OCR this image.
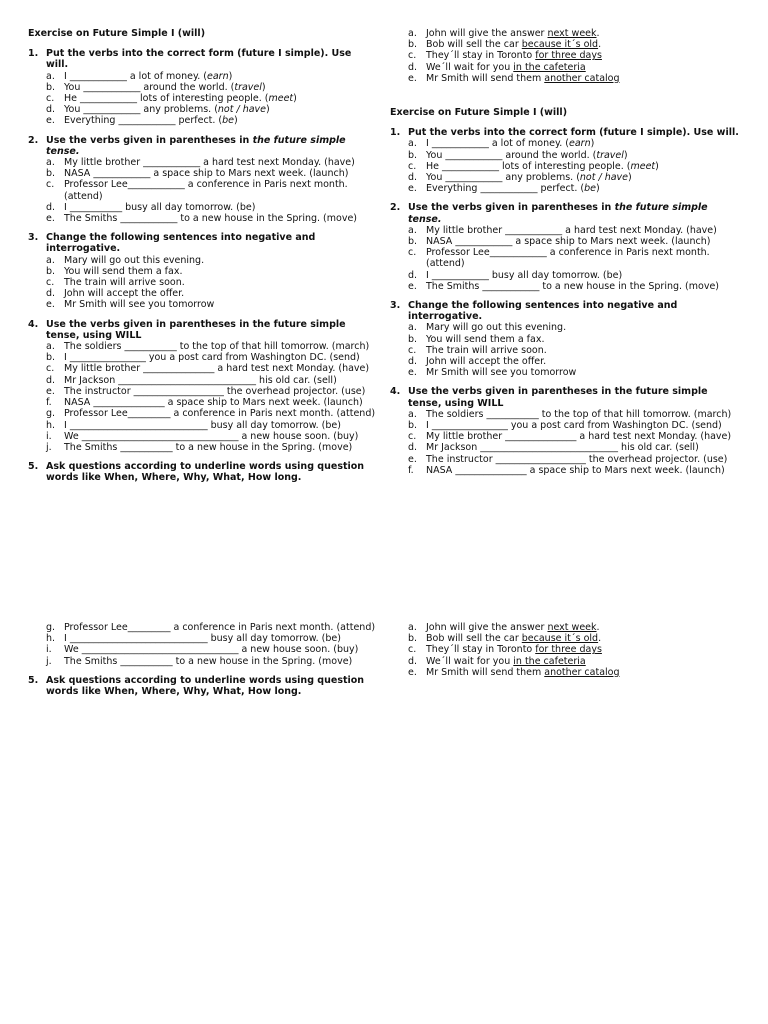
Exercise on Future Simple I (will)
1. Put the verbs into the correct form (future I simple). Use will.
a. I ____________ a lot of money. (earn)
b. You ____________ around the world. (travel)
c.	He ____________ lots of interesting people. (meet)
d. You ____________ any problems. (not / have)
e. Everything ____________ perfect. (be)
2. Use the verbs given in parentheses in the future simple tense.
a. My little brother ____________ a hard test next Monday. (have)
b. NASA ____________ a space ship to Mars next week. (launch)
c.	Professor Lee____________ a conference in Paris next month. (attend)
d. I ___________ busy all day tomorrow. (be)
e. The Smiths ____________ to a new house in the Spring. (move)
3. Change the following sentences into negative and interrogative.
a. Mary will go out this evening.
b. You will send them a fax.
c.	The train will arrive soon.
d. John will accept the offer.
e. Mr Smith will see you tomorrow
4. Use the verbs given in parentheses in the future simple tense, using WILL
a. The soldiers ___________ to the top of that hill tomorrow. (march)
b. I ________________ you a post card from Washington DC. (send)
c.	My little brother _______________ a hard test next Monday. (have)
d. Mr Jackson _____________________________ his old car. (sell)
e. The instructor ___________________ the overhead projector. (use)
f.	NASA _______________ a space ship to Mars next week. (launch)
g. Professor Lee_________ a conference in Paris next month. (attend)
h. I _____________________________ busy all day tomorrow. (be)
i.	We _________________________________ a new house soon. (buy)
j.	The Smiths ___________ to a new house in the Spring. (move)
5. Ask questions according to underline words using question words like When, Where, Why, What, How long.
g. Professor Lee_________ a conference in Paris next month. (attend)
h. I _____________________________ busy all day tomorrow. (be)
i.	We _________________________________ a new house soon. (buy)
j.	The Smiths ___________ to a new house in the Spring. (move)
5. Ask questions according to underline words using question words like When, Where, Why, What, How long.
a. John will give the answer next week.
b. Bob will sell the car because it´s old.
c.	They´ll stay in Toronto for three days
d. We´ll wait for you in the cafeteria
e. Mr Smith will send them another catalog
Exercise on Future Simple I (will)
1. Put the verbs into the correct form (future I simple). Use will.
a. I ____________ a lot of money. (earn)
b. You ____________ around the world. (travel)
c.	He ____________ lots of interesting people. (meet)
d. You ____________ any problems. (not / have)
e. Everything ____________ perfect. (be)
2. Use the verbs given in parentheses in the future simple tense.
a. My little brother ____________ a hard test next Monday. (have)
b. NASA ____________ a space ship to Mars next week. (launch)
c.	Professor Lee____________ a conference in Paris next month. (attend)
d. I ____________ busy all day tomorrow. (be)
e. The Smiths ____________ to a new house in the Spring. (move)
3. Change the following sentences into negative and interrogative.
a. Mary will go out this evening.
b. You will send them a fax.
c.	The train will arrive soon.
d. John will accept the offer.
e. Mr Smith will see you tomorrow
4. Use the verbs given in parentheses in the future simple tense, using WILL
a. The soldiers ___________ to the top of that hill tomorrow. (march)
b. I ________________ you a post card from Washington DC. (send)
c.	My little brother _______________ a hard test next Monday. (have)
d. Mr Jackson _____________________________ his old car. (sell)
e. The instructor ___________________ the overhead projector. (use)
f.	NASA _______________ a space ship to Mars next week. (launch)
a. John will give the answer next week.
b. Bob will sell the car because it´s old.
c.	They´ll stay in Toronto for three days
d. We´ll wait for you in the cafeteria
e. Mr Smith will send them another catalog
